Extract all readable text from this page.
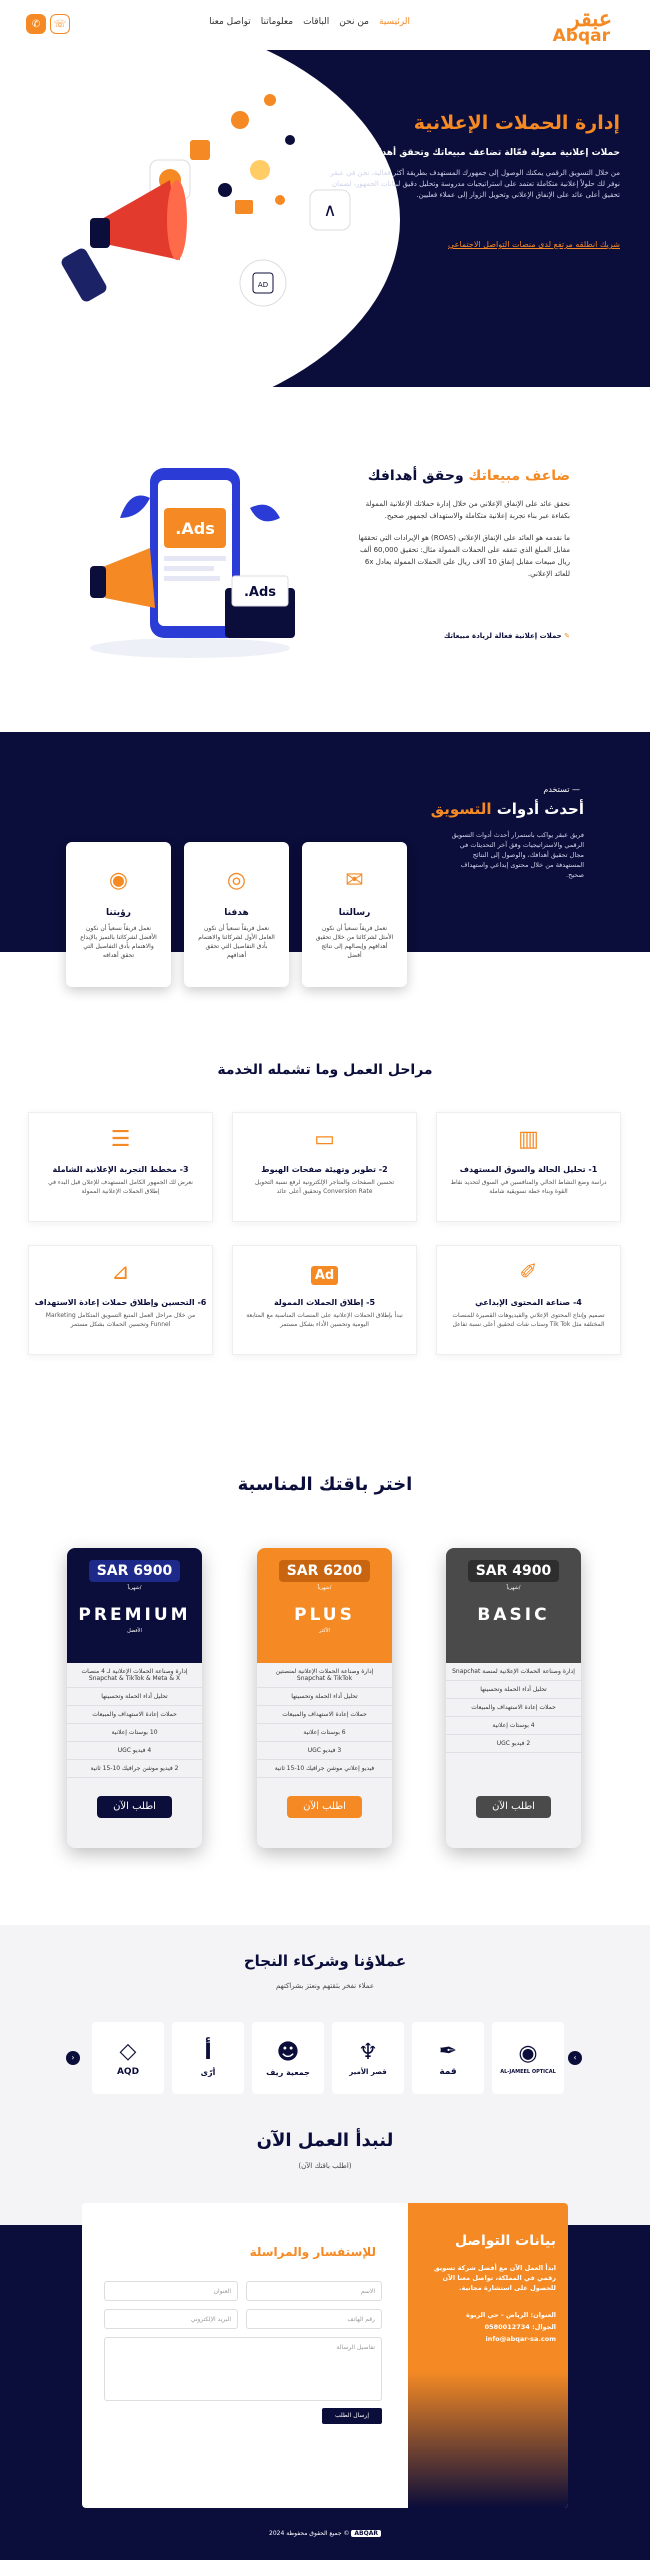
عبقر
Abqar
الرئيسية
من نحن
الباقات
معلوماتنا
تواصل معنا
☏
✆
∧
AD
إدارة الحملات الإعلانية
حملات إعلانية ممولة فعّالة تضاعف مبيعاتك وتحقق أهدافك الآن!
من خلال التسويق الرقمي يمكنك الوصول إلى جمهورك المستهدف بطريقة أكثر فعالية، نحن في عبقر نوفر لك حلولاً إعلانية متكاملة تعتمد على استراتيجيات مدروسة وتحليل دقيق لبيانات الجمهور، لضمان تحقيق أعلى عائد على الإنفاق الإعلاني وتحويل الزوار إلى عملاء فعليين.
شريك انطلقه مرتفع لدى منصات التواصل الاجتماعي
Ads.
Ads.
ضاعف مبيعاتك وحقق أهدافك

نحقق عائد على الإنفاق الإعلاني من خلال إدارة حملاتك الإعلانية الممولة بكفاءة عبر بناء تجربة إعلانية متكاملة والاستهداف لجمهور صحيح.

ما نقدمه هو العائد على الإنفاق الإعلاني (ROAS) هو الإيرادات التي تحققها مقابل المبلغ الذي تنفقه على الحملات الممولة مثال: تحقيق 60,000 ألف ريال مبيعات مقابل إنفاق 10 آلاف ريال على الحملات الممولة يعادل 6x للعائد الإعلاني.

✎ حملات إعلانية فعالة لزيادة مبيعاتك
— تستخدم
أحدث أدوات التسويق
فريق عبقر يواكب باستمرار أحدث أدوات التسويق الرقمي والاستراتيجيات وفق آخر التحديثات في مجال تحقيق أهدافك، والوصول إلى النتائج المستهدفة من خلال محتوى إبداعي واستهداف صحيح.
✉
رسالتنا
نعمل فريقاً نسعياً أن نكون الأمثل لشركائنا من خلال تحقيق أهدافهم وإيصالهم إلى نتائج أفضل
◎
هدفنا
نعمل فريقاً نسعياً أن نكون العامل الأول لشركائنا والاهتمام بأدق التفاصيل التي تحقق أهدافهم
◉
رؤيتنا
نعمل فريقاً نسعياً أن نكون الأفضل لشركائنا بالتميز بالإبداع والاهتمام بأدق التفاصيل التي تحقق أهدافه
مراحل العمل وما تشمله الخدمة
▥
1- تحليل الحالة والسوق المستهدف
دراسة وضع النشاط الحالي والمنافسين في السوق لتحديد نقاط القوة وبناء خطة تسويقية شاملة
▭
2- تطوير وتهيئة صفحات الهبوط
تحسين الصفحات والمتاجر الإلكترونية لرفع نسبة التحويل Conversion Rate وتحقيق أعلى عائد
☰
3- مخطط التجربة الإعلانية الشاملة
نعرض لك الجمهور الكامل المستهدف للإعلان قبل البدء في إطلاق الحملات الإعلانية الممولة
✐
4- صناعة المحتوى الإبداعي
تصميم وإنتاج المحتوى الإعلاني والفيديوهات القصيرة للمنصات المختلفة مثل Tik Tok وسناب شات لتحقيق أعلى نسبة تفاعل
Ad
5- إطلاق الحملات الممولة
نبدأ بإطلاق الحملات الإعلانية على المنصات المناسبة مع المتابعة اليومية وتحسين الأداء بشكل مستمر
⊿
6- التحسين وإطلاق حملات إعادة الاستهداف
من خلال مراحل العمل المتبع التسويق المتكامل Marketing Funnel وتحسين الحملات بشكل مستمر
اختر باقتك المناسبة
4900 SAR
/شهرياً
BASIC
إدارة وصناعة الحملات الإعلانية لمنصة Snapchat
تحليل أداء الحملة وتحسينها
حملات إعادة الاستهداف والمبيعات
4 بوستات إعلانية
2 فيديو UGC
اطلب الآن
6200 SAR
/شهرياً
PLUS
الأكثر
إدارة وصناعة الحملات الإعلانية لمنصتين Snapchat & TikTok
تحليل أداء الحملة وتحسينها
حملات إعادة الاستهداف والمبيعات
6 بوستات إعلانية
3 فيديو UGC
فيديو إعلاني موشن جرافيك 10-15 ثانية
اطلب الآن
6900 SAR
/شهرياً
PREMIUM
الأفضل
إدارة وصناعة الحملات الإعلانية لـ 4 منصات Snapchat & TikTok & Meta & X
تحليل أداء الحملة وتحسينها
حملات إعادة الاستهداف والمبيعات
10 بوستات إعلانية
4 فيديو UGC
2 فيديو موشن جرافيك 10-15 ثانية
اطلب الآن
عملاؤنا وشركاء النجاح
عملاء نفخر بثقتهم ونعتز بشراكتهم
›
‹	◉
AL-JAMEEL OPTICAL
✒
قمة
♆
قصر الأمير
☻
جمعية ريف
ﺃ
أرّى
◇
AQD
لنبدأ العمل الآن
(اطلب باقتك الآن)
بيانات التواصل
ابدأ العمل الآن مع أفضل شركة تسويق رقمي في المملكة، تواصل معنا الآن للحصول على استشارة مجانية.
العنوان: الرياض - حي الربوة
الجوال: 0580012734
info@abqar-sa.com
للإستفسار والمراسلة
الاسم
العنوان
رقم الهاتف
البريد الإلكتروني
تفاصيل الرسالة
إرسال الطلب
ABQAR © جميع الحقوق محفوظة 2024
